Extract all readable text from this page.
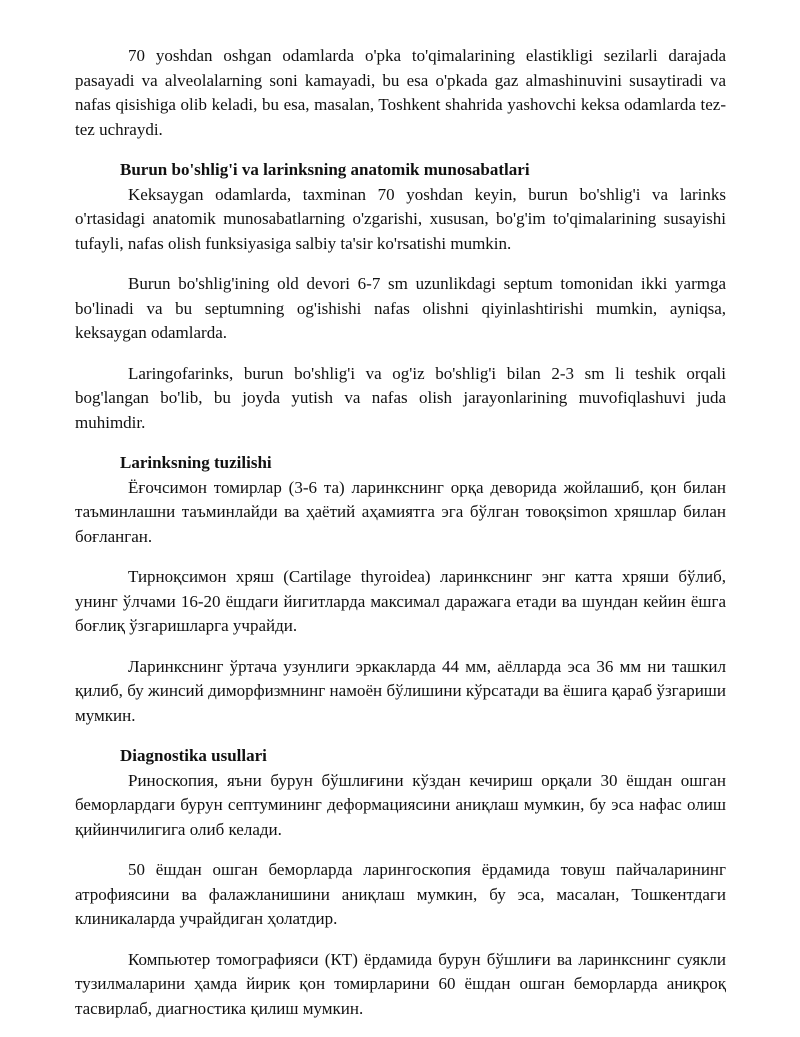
70 yoshdan oshgan odamlarda o'pka to'qimalarining elastikligi sezilarli darajada pasayadi va alveolalarning soni kamayadi, bu esa o'pkada gaz almashinuvini susaytiradi va nafas qisishiga olib keladi, bu esa, masalan, Toshkent shahrida yashovchi keksa odamlarda tez-tez uchraydi.

Burun bo'shlig'i va larinksning anatomik munosabatlari

Keksaygan odamlarda, taxminan 70 yoshdan keyin, burun bo'shlig'i va larinks o'rtasidagi anatomik munosabatlarning o'zgarishi, xususan, bo'g'im to'qimalarining susayishi tufayli, nafas olish funksiyasiga salbiy ta'sir ko'rsatishi mumkin.

Burun bo'shlig'ining old devori 6-7 sm uzunlikdagi septum tomonidan ikki yarmga bo'linadi va bu septumning og'ishishi nafas olishni qiyinlashtirishi mumkin, ayniqsa, keksaygan odamlarda.

Laringofarinks, burun bo'shlig'i va og'iz bo'shlig'i bilan 2-3 sm li teshik orqali bog'langan bo'lib, bu joyda yutish va nafas olish jarayonlarining muvofiqlashuvi juda muhimdir.

Larinksning tuzilishi

Ёғочсимон томирлар (3-6 та) ларинкснинг орқа деворида жойлашиб, қон билан таъминлашни таъминлайди ва ҳаётий аҳамиятга эга бўлган товоқsimon хряшлар билан боғланган.

Тирноқсимон хряш (Cartilage thyroidea) ларинкснинг энг катта хряши бўлиб, унинг ўлчами 16-20 ёшдаги йигитларда максимал даражага етади ва шундан кейин ёшга боғлиқ ўзгаришларга учрайди.

Ларинкснинг ўртача узунлиги эркакларда 44 мм, аёлларда эса 36 мм ни ташкил қилиб, бу жинсий диморфизмнинг намоён бўлишини кўрсатади ва ёшига қараб ўзгариши мумкин.

Diagnostika usullari

Риноскопия, яъни бурун бўшлиғини кўздан кечириш орқали 30 ёшдан ошган беморлардаги бурун септумининг деформациясини аниқлаш мумкин, бу эса нафас олиш қийинчилигига олиб келади.

50 ёшдан ошган беморларда ларингоскопия ёрдамида товуш пайчаларининг атрофиясини ва фалажланишини аниқлаш мумкин, бу эса, масалан, Тошкентдаги клиникаларда учрайдиган ҳолатдир.

Компьютер томографияси (КТ) ёрдамида бурун бўшлиғи ва ларинкснинг суякли тузилмаларини ҳамда йирик қон томирларини 60 ёшдан ошган беморларда аниқроқ тасвирлаб, диагностика қилиш мумкин.
